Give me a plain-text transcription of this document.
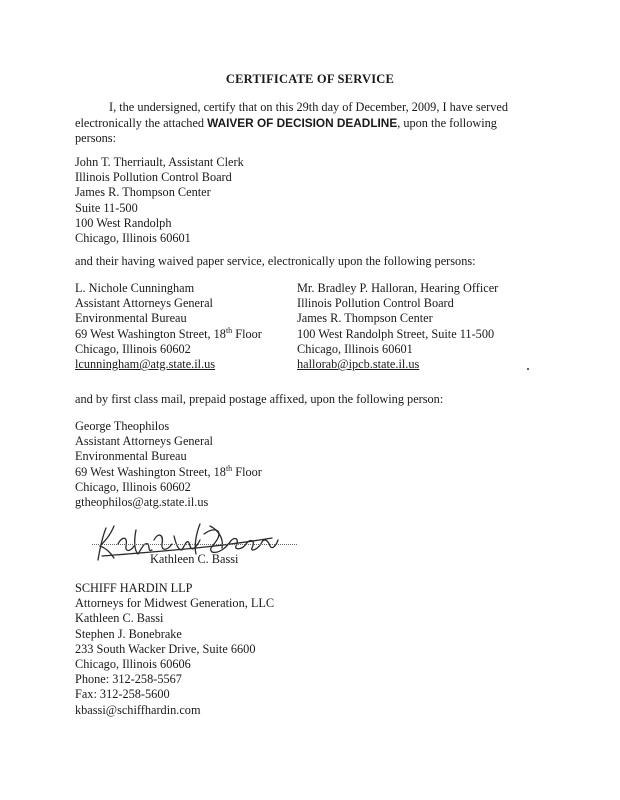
CERTIFICATE OF SERVICE
I, the undersigned, certify that on this 29th day of December, 2009, I have served electronically the attached WAIVER OF DECISION DEADLINE, upon the following persons:
John T. Therriault, Assistant Clerk
Illinois Pollution Control Board
James R. Thompson Center
Suite 11-500
100 West Randolph
Chicago, Illinois 60601
and their having waived paper service, electronically upon the following persons:
L. Nichole Cunningham
Assistant Attorneys General
Environmental Bureau
69 West Washington Street, 18th Floor
Chicago, Illinois 60602
lcunningham@atg.state.il.us
Mr. Bradley P. Halloran, Hearing Officer
Illinois Pollution Control Board
James R. Thompson Center
100 West Randolph Street, Suite 11-500
Chicago, Illinois 60601
hallorab@ipcb.state.il.us
and by first class mail, prepaid postage affixed, upon the following person:
George Theophilos
Assistant Attorneys General
Environmental Bureau
69 West Washington Street, 18th Floor
Chicago, Illinois 60602
gtheophilos@atg.state.il.us
Kathleen C. Bassi
SCHIFF HARDIN LLP
Attorneys for Midwest Generation, LLC
Kathleen C. Bassi
Stephen J. Bonebrake
233 South Wacker Drive, Suite 6600
Chicago, Illinois 60606
Phone: 312-258-5567
Fax: 312-258-5600
kbassi@schiffhardin.com
